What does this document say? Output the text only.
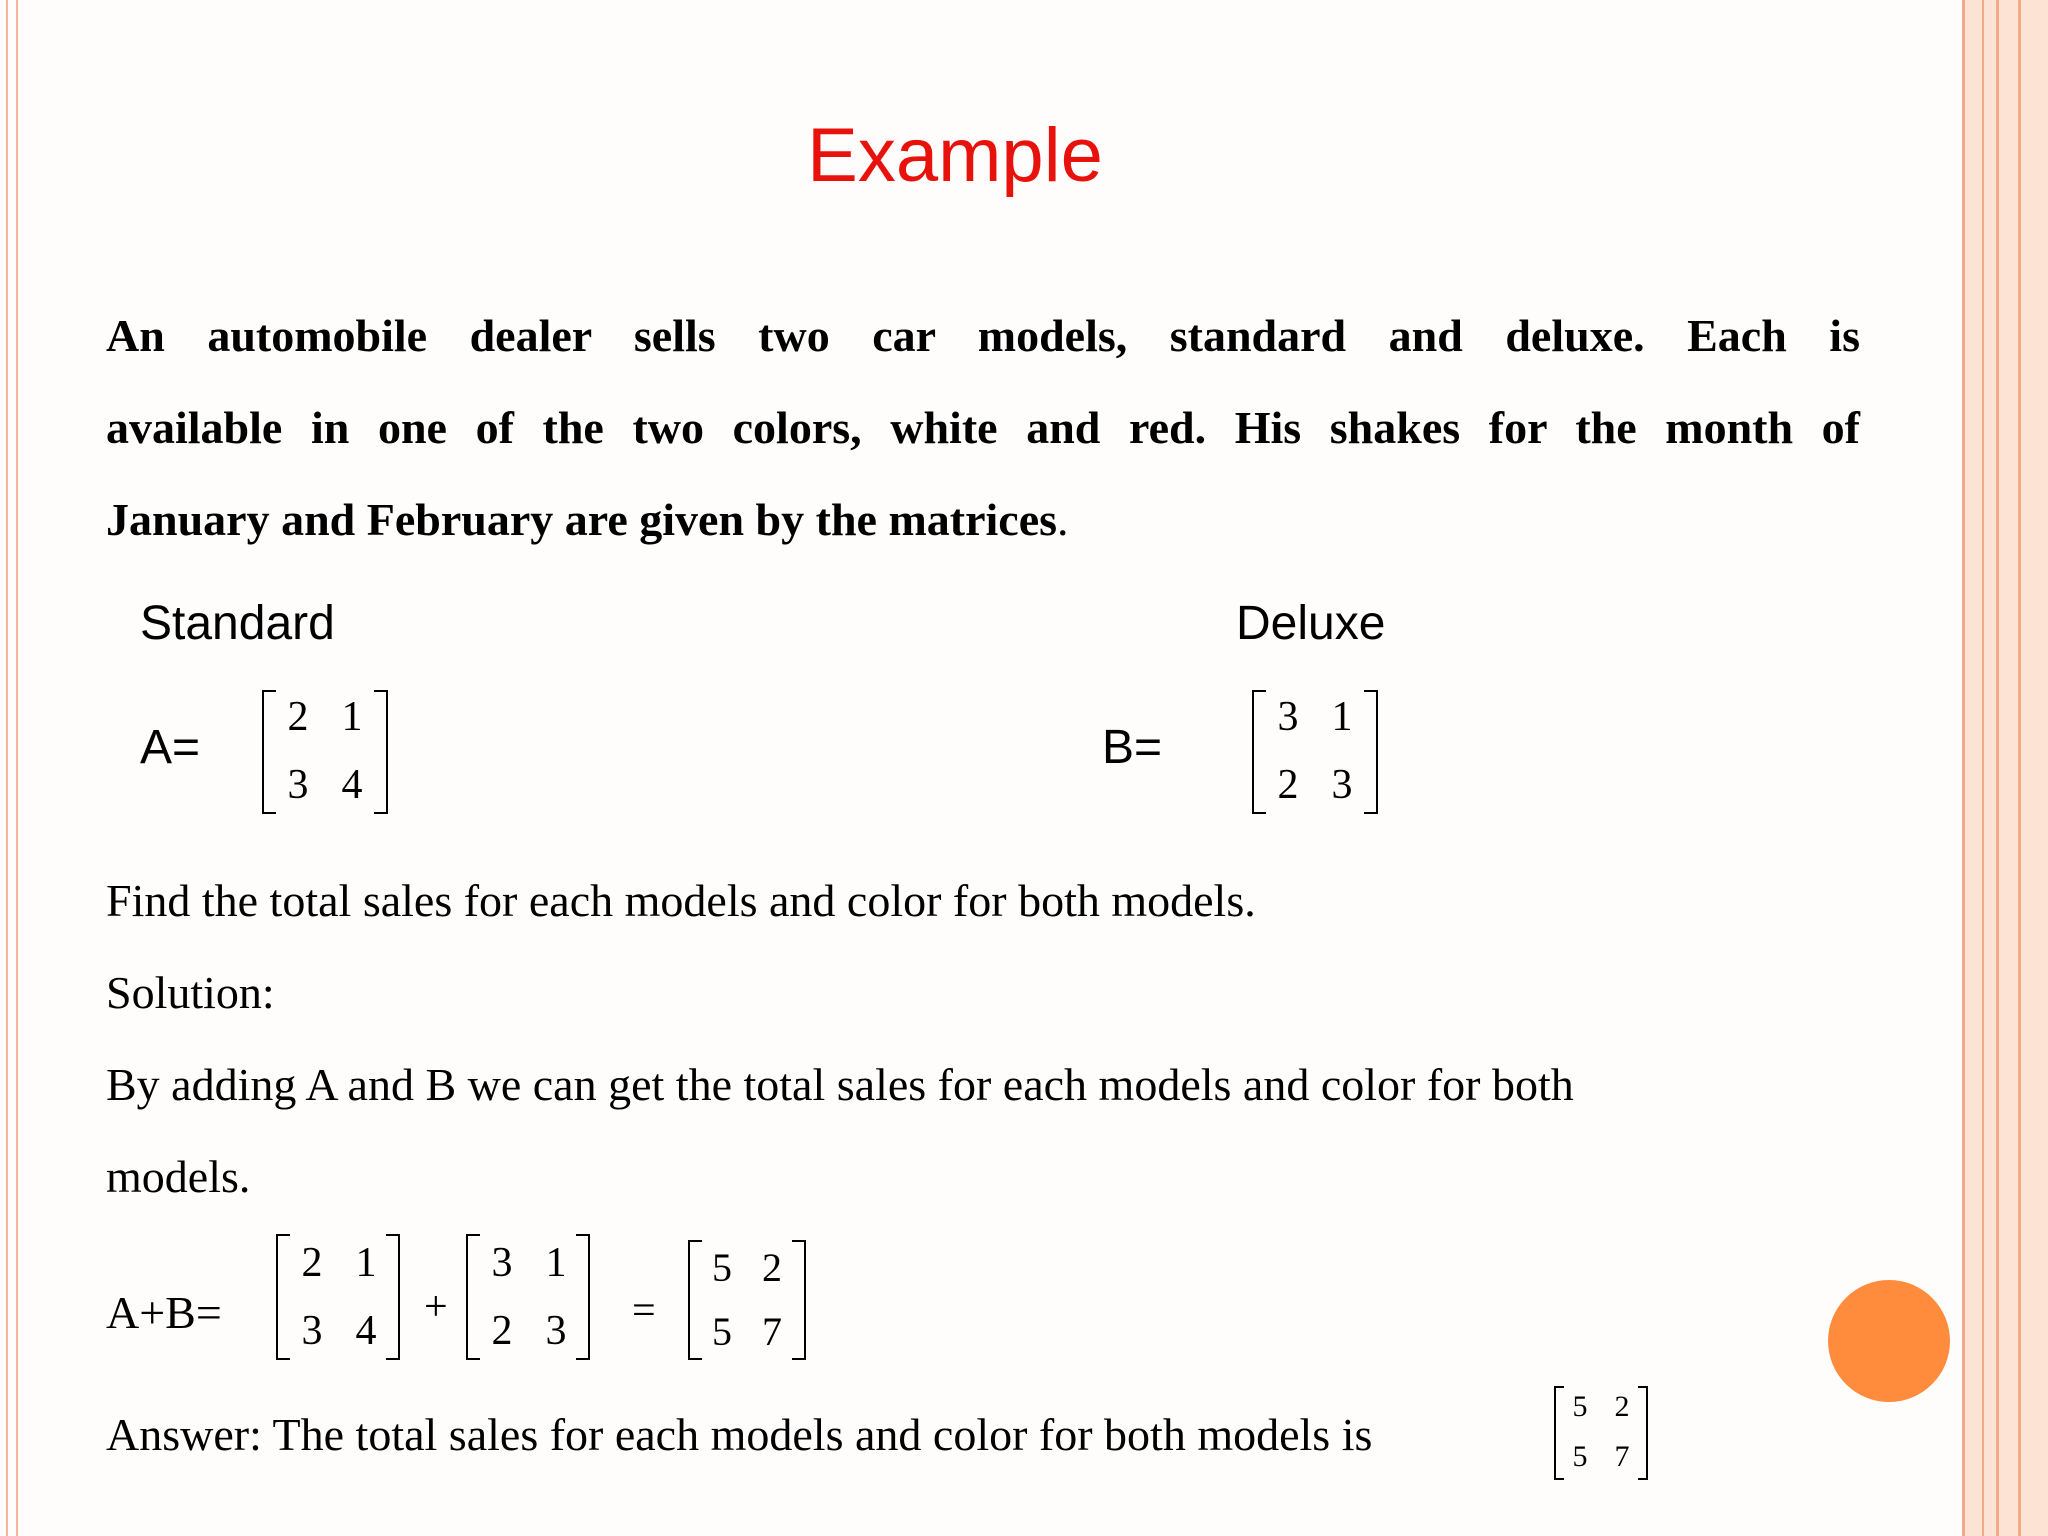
Example
An automobile dealer sells two car models, standard and deluxe. Each is
available in one of the two colors, white and red. His shakes for the month of
January and February are given by the matrices.
Standard	Deluxe
A=	B=
2 1
3 4
3 1
2 3
Find the total sales for each models and color for both models.
Solution:
By adding A and B we can get the total sales for each models and color for both
models.
A+B=
2 1
3 4
+
3 1
2 3 =
5 2
5 7
Answer: The total sales for each models and color for both models is
5 2
5 7
